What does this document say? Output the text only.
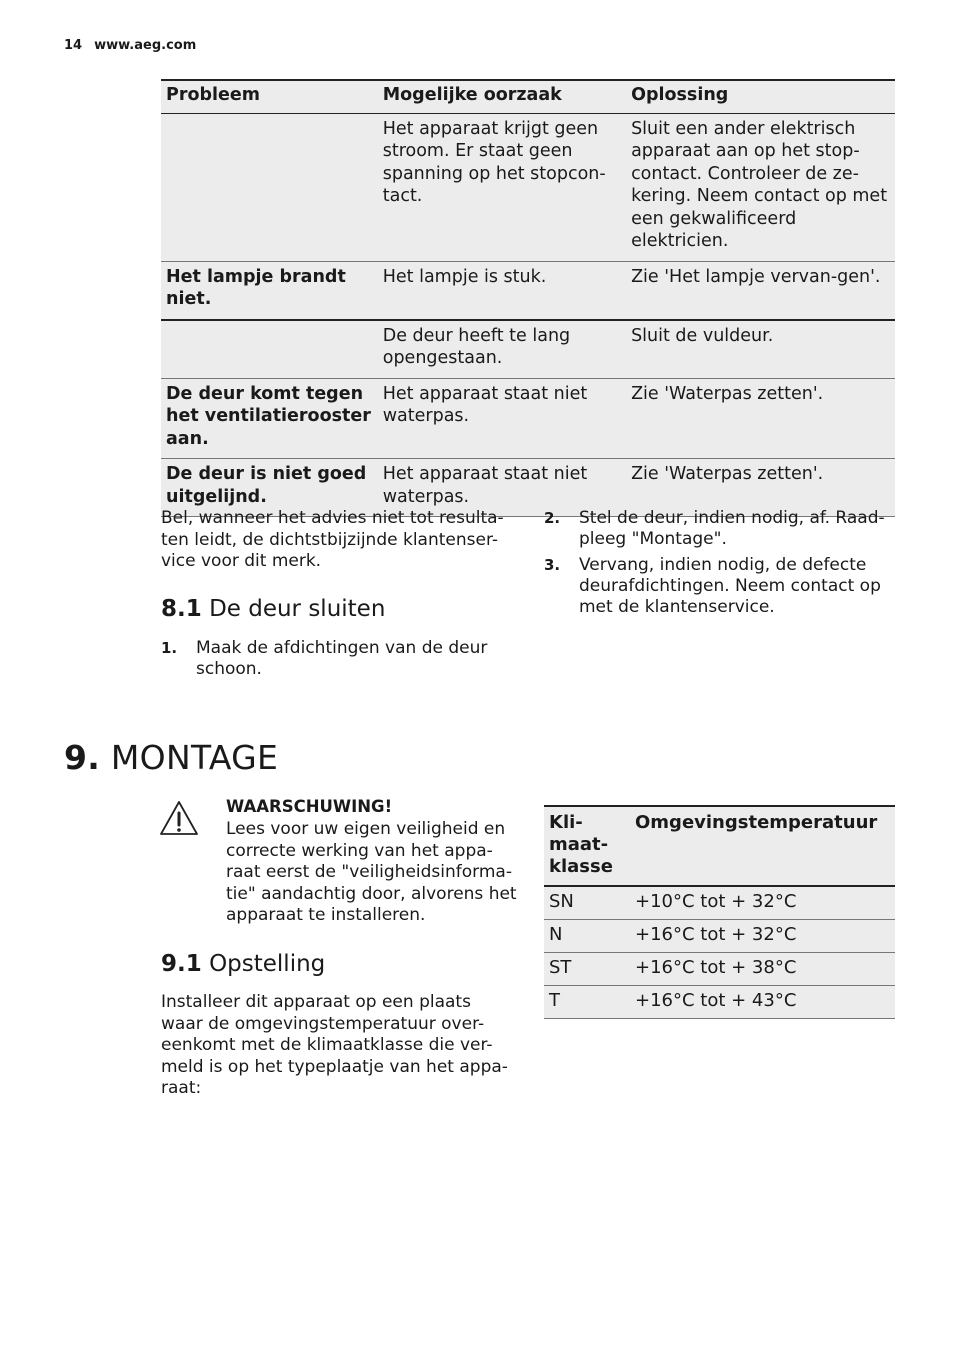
14 www.aeg.com
Probleem	Mogelijke oorzaak	Oplossing
	Het apparaat krijgt geen stroom. Er staat geen spanning op het stopcon-tact.	Sluit een ander elektrisch apparaat aan op het stop-contact. Controleer de ze-kering. Neem contact op met een gekwalificeerd elektricien.
Het lampje brandt niet.	Het lampje is stuk.	Zie 'Het lampje vervan-gen'.
	De deur heeft te lang opengestaan.	Sluit de vuldeur.
De deur komt tegen het ventilatierooster aan.	Het apparaat staat niet waterpas.	Zie 'Waterpas zetten'.
De deur is niet goed uitgelijnd.	Het apparaat staat niet waterpas.	Zie 'Waterpas zetten'.

Bel, wanneer het advies niet tot resulta-ten leidt, de dichtstbijzijnde klantenser-vice voor dit merk.

8.1 De deur sluiten
1. Maak de afdichtingen van de deur schoon.
2. Stel de deur, indien nodig, af. Raad-pleeg "Montage".
3. Vervang, indien nodig, de defecte deurafdichtingen. Neem contact op met de klantenservice.
9. MONTAGE
WAARSCHUWING!

Lees voor uw eigen veiligheid en correcte werking van het appa-raat eerst de "veiligheidsinforma-tie" aandachtig door, alvorens het apparaat te installeren.

9.1 Opstelling

Installeer dit apparaat op een plaats waar de omgevingstemperatuur over-eenkomt met de klimaatklasse die ver-meld is op het typeplaatje van het appa-raat:

Kli-maat-klasse	Omgevingstemperatuur
SN	+10°C tot + 32°C
N	+16°C tot + 32°C
ST	+16°C tot + 38°C
T	+16°C tot + 43°C
